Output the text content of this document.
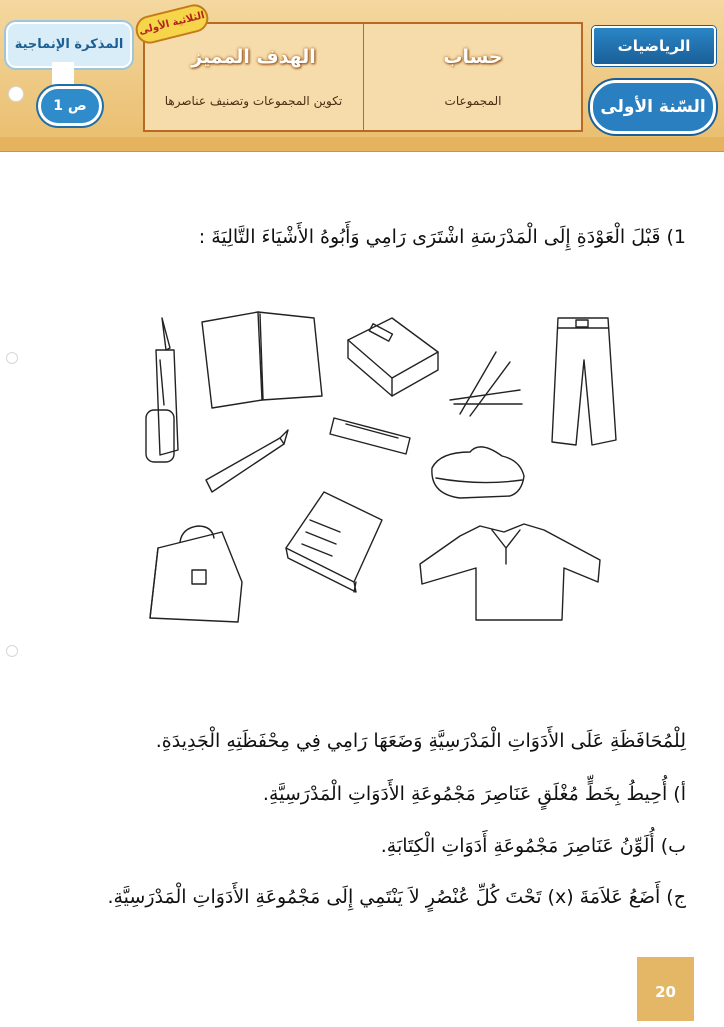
المذكرة الإنماجية
ص 1
حساب
المجموعات
الهدف المميز
تكوين المجموعات وتصنيف عناصرها
الثلاثية الأولى
الرياضيات
السّنة الأولى
1) قَبْلَ الْعَوْدَةِ إِلَى الْمَدْرَسَةِ اشْتَرَى رَامِي وَأَبُوهُ الأَشْيَاءَ التَّالِيَةَ :
لِلْمُحَافَظَةِ عَلَى الأَدَوَاتِ الْمَدْرَسِيَّةِ وَضَعَهَا رَامِي فِي مِحْفَظَتِهِ الْجَدِيدَةِ.
أ) أُحِيطُ بِخَطٍّ مُغْلَقٍ عَنَاصِرَ مَجْمُوعَةِ الأَدَوَاتِ الْمَدْرَسِيَّةِ.
ب) أُلَوِّنُ عَنَاصِرَ مَجْمُوعَةِ أَدَوَاتِ الْكِتَابَةِ.
ج) أَضَعُ عَلاَمَةَ (x) تَحْتَ كُلِّ عُنْصُرٍ لاَ يَنْتَمِي إِلَى مَجْمُوعَةِ الأَدَوَاتِ الْمَدْرَسِيَّةِ.
20
